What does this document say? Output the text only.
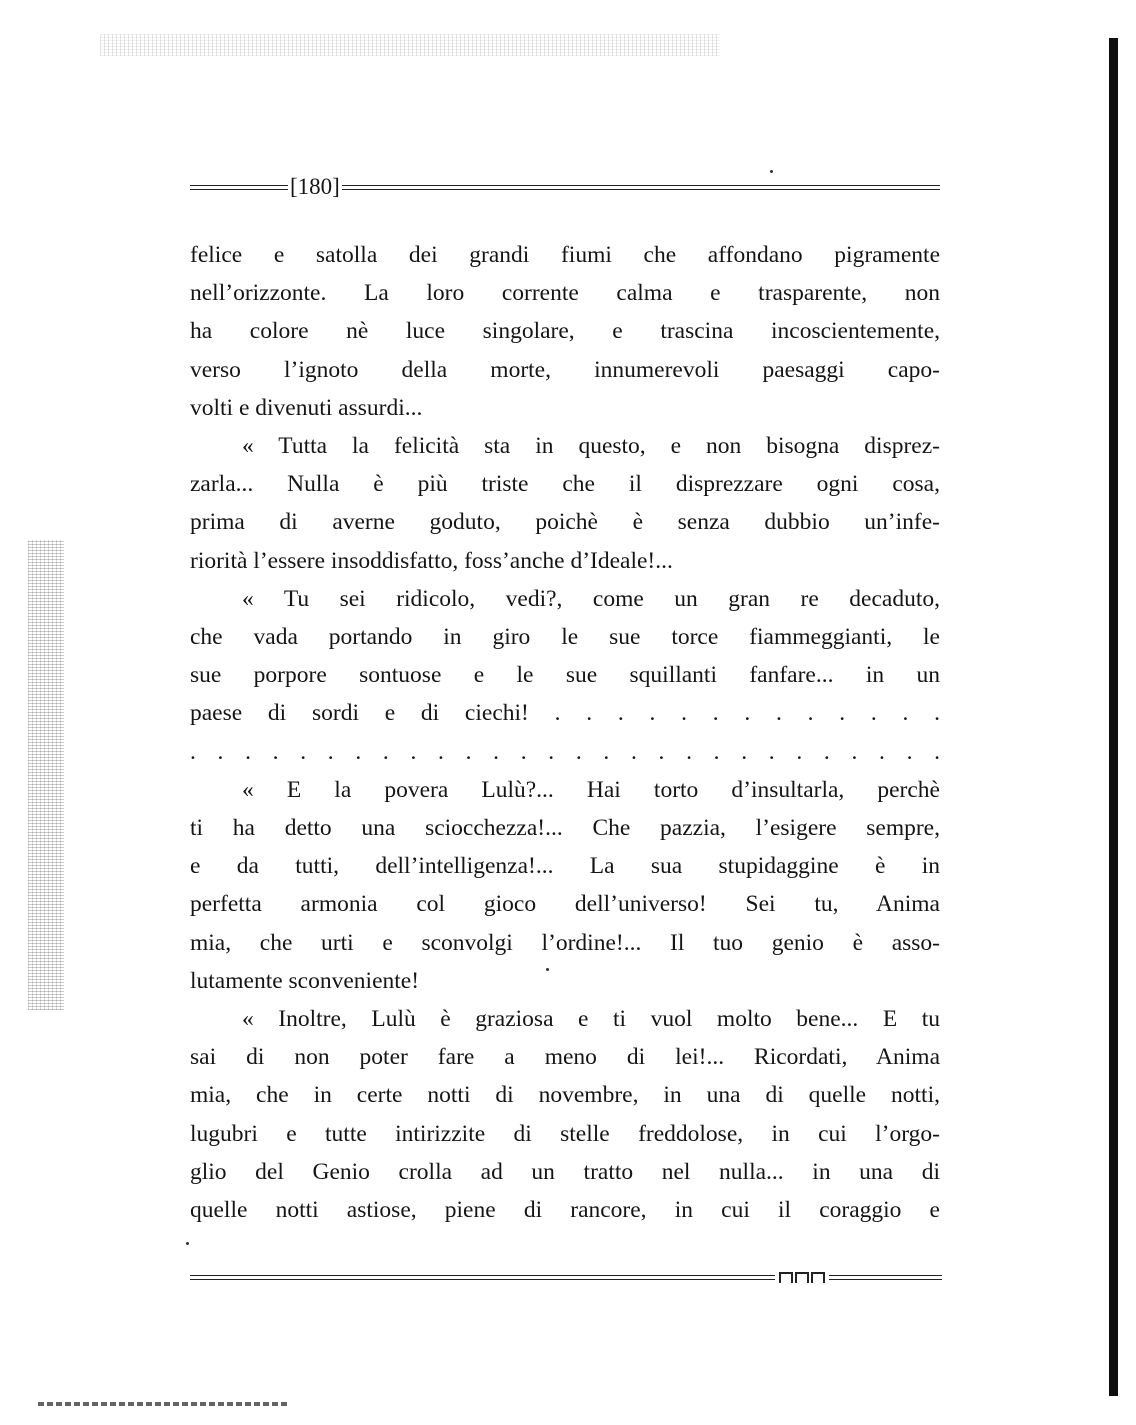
[180]
felice e satolla dei grandi fiumi che affondano pigramente
nell’orizzonte. La loro corrente calma e trasparente, non
ha colore nè luce singolare, e trascina incoscientemente,
verso l’ignoto della morte, innumerevoli paesaggi capo-
volti e divenuti assurdi...
« Tutta la felicità sta in questo, e non bisogna disprez-
zarla... Nulla è più triste che il disprezzare ogni cosa,
prima di averne goduto, poichè è senza dubbio un’infe-
riorità l’essere insoddisfatto, foss’anche d’Ideale!...
« Tu sei ridicolo, vedi?, come un gran re decaduto,
che vada portando in giro le sue torce fiammeggianti, le
sue porpore sontuose e le sue squillanti fanfare... in un
paese di sordi e di ciechi! . . . . . . . . . . . . .
. . . . . . . . . . . . . . . . . . . . . . . . . . . .
« E la povera Lulù?... Hai torto d’insultarla, perchè
ti ha detto una sciocchezza!... Che pazzia, l’esigere sempre,
e da tutti, dell’intelligenza!... La sua stupidaggine è in
perfetta armonia col gioco dell’universo! Sei tu, Anima
mia, che urti e sconvolgi l’ordine!... Il tuo genio è asso-
lutamente sconveniente!
« Inoltre, Lulù è graziosa e ti vuol molto bene... E tu
sai di non poter fare a meno di lei!... Ricordati, Anima
mia, che in certe notti di novembre, in una di quelle notti,
lugubri e tutte intirizzite di stelle freddolose, in cui l’orgo-
glio del Genio crolla ad un tratto nel nulla... in una di
quelle notti astiose, piene di rancore, in cui il coraggio e
